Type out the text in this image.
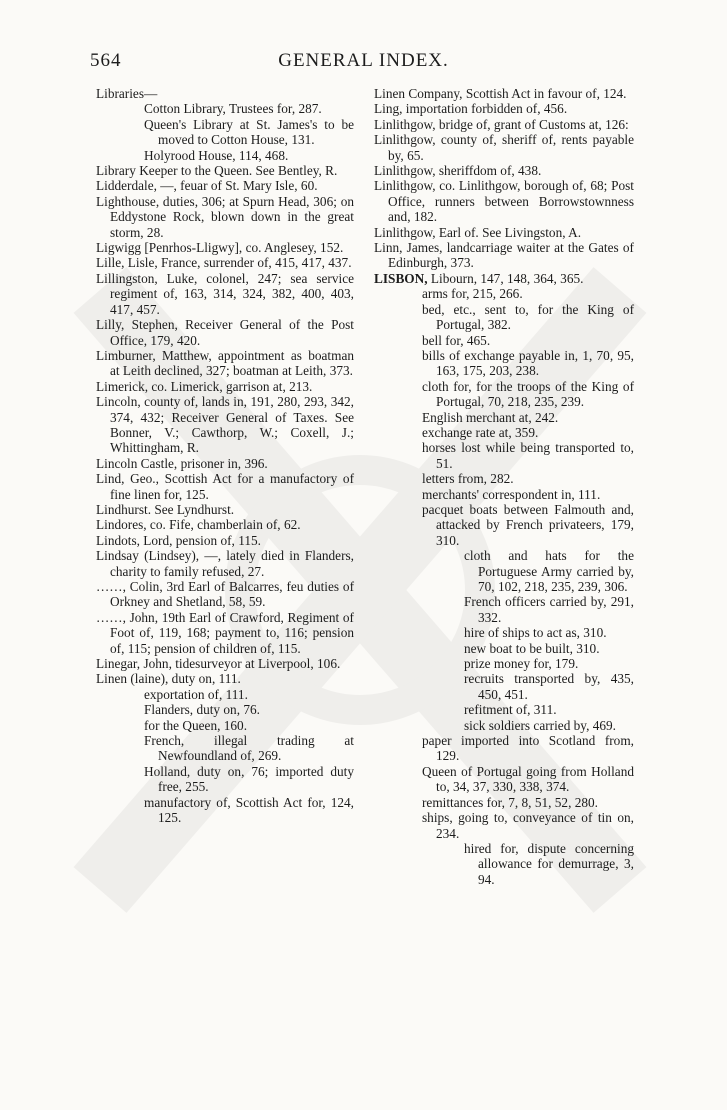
564	GENERAL INDEX.
Libraries—
Cotton Library, Trustees for, 287.
Queen's Library at St. James's to be moved to Cotton House, 131.
Holyrood House, 114, 468.
Library Keeper to the Queen. See Bentley, R.
Lidderdale, —, feuar of St. Mary Isle, 60.
Lighthouse, duties, 306; at Spurn Head, 306; on Eddystone Rock, blown down in the great storm, 28.
Ligwigg [Penrhos-Lligwy], co. Anglesey, 152.
Lille, Lisle, France, surrender of, 415, 417, 437.
Lillingston, Luke, colonel, 247; sea service regiment of, 163, 314, 324, 382, 400, 403, 417, 457.
Lilly, Stephen, Receiver General of the Post Office, 179, 420.
Limburner, Matthew, appointment as boatman at Leith declined, 327; boatman at Leith, 373.
Limerick, co. Limerick, garrison at, 213.
Lincoln, county of, lands in, 191, 280, 293, 342, 374, 432; Receiver General of Taxes. See Bonner, V.; Cawthorp, W.; Coxell, J.; Whittingham, R.
Lincoln Castle, prisoner in, 396.
Lind, Geo., Scottish Act for a manufactory of fine linen for, 125.
Lindhurst. See Lyndhurst.
Lindores, co. Fife, chamberlain of, 62.
Lindots, Lord, pension of, 115.
Lindsay (Lindsey), —, lately died in Flanders, charity to family refused, 27.
……, Colin, 3rd Earl of Balcarres, feu duties of Orkney and Shetland, 58, 59.
……, John, 19th Earl of Crawford, Regiment of Foot of, 119, 168; payment to, 116; pension of, 115; pension of children of, 115.
Linegar, John, tidesurveyor at Liverpool, 106.
Linen (laine), duty on, 111.
exportation of, 111.
Flanders, duty on, 76.
for the Queen, 160.
French, illegal trading at Newfoundland of, 269.
Holland, duty on, 76; imported duty free, 255.
manufactory of, Scottish Act for, 124, 125.
Linen Company, Scottish Act in favour of, 124.
Ling, importation forbidden of, 456.
Linlithgow, bridge of, grant of Customs at, 126:
Linlithgow, county of, sheriff of, rents payable by, 65.
Linlithgow, sheriffdom of, 438.
Linlithgow, co. Linlithgow, borough of, 68; Post Office, runners between Borrowstownness and, 182.
Linlithgow, Earl of. See Livingston, A.
Linn, James, landcarriage waiter at the Gates of Edinburgh, 373.
LISBON, Libourn, 147, 148, 364, 365.
arms for, 215, 266.
bed, etc., sent to, for the King of Portugal, 382.
bell for, 465.
bills of exchange payable in, 1, 70, 95, 163, 175, 203, 238.
cloth for, for the troops of the King of Portugal, 70, 218, 235, 239.
English merchant at, 242.
exchange rate at, 359.
horses lost while being transported to, 51.
letters from, 282.
merchants' correspondent in, 111.
pacquet boats between Falmouth and, attacked by French privateers, 179, 310.
cloth and hats for the Portuguese Army carried by, 70, 102, 218, 235, 239, 306.
French officers carried by, 291, 332.
hire of ships to act as, 310.
new boat to be built, 310.
prize money for, 179.
recruits transported by, 435, 450, 451.
refitment of, 311.
sick soldiers carried by, 469.
paper imported into Scotland from, 129.
Queen of Portugal going from Holland to, 34, 37, 330, 338, 374.
remittances for, 7, 8, 51, 52, 280.
ships, going to, conveyance of tin on, 234.
hired for, dispute concerning allowance for demurrage, 3, 94.
